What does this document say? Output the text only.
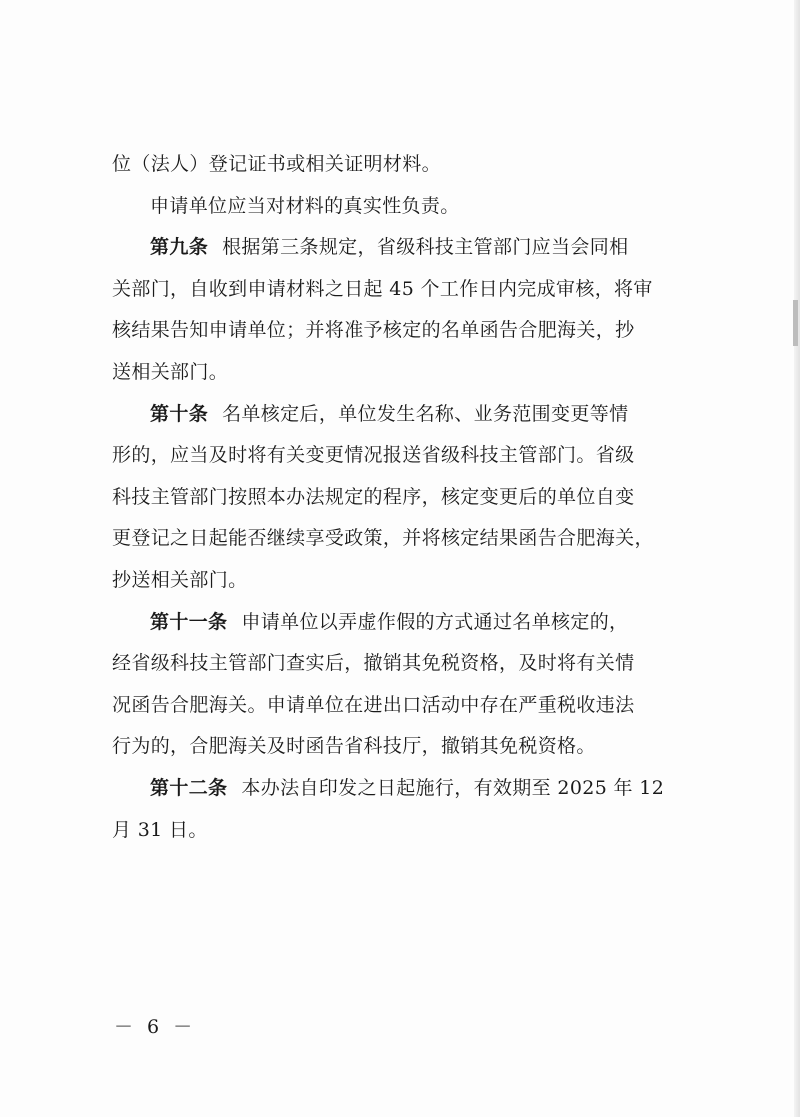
位（法人）登记证书或相关证明材料。
申请单位应当对材料的真实性负责。
第九条 根据第三条规定，省级科技主管部门应当会同相
关部门，自收到申请材料之日起 45 个工作日内完成审核，将审
核结果告知申请单位；并将准予核定的名单函告合肥海关，抄
送相关部门。
第十条 名单核定后，单位发生名称、业务范围变更等情
形的，应当及时将有关变更情况报送省级科技主管部门。省级
科技主管部门按照本办法规定的程序，核定变更后的单位自变
更登记之日起能否继续享受政策，并将核定结果函告合肥海关，
抄送相关部门。
第十一条 申请单位以弄虚作假的方式通过名单核定的，
经省级科技主管部门查实后，撤销其免税资格，及时将有关情
况函告合肥海关。申请单位在进出口活动中存在严重税收违法
行为的，合肥海关及时函告省科技厅，撤销其免税资格。
第十二条 本办法自印发之日起施行，有效期至 2025 年 12
月 31 日。
－ 6 －
